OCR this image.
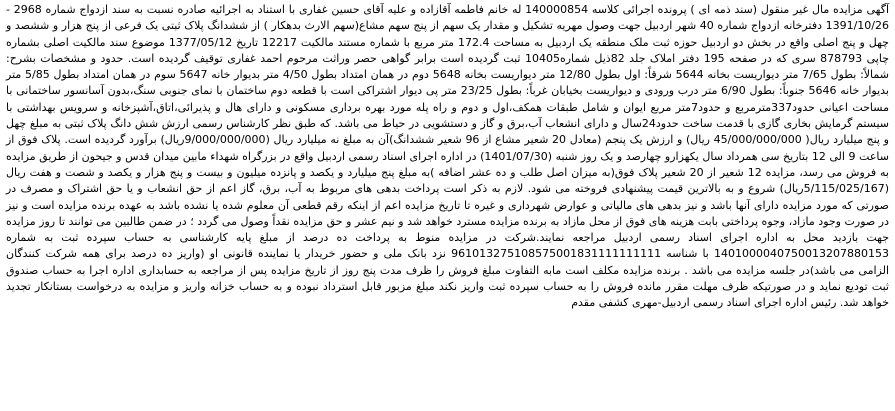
آگهی مزایده مال غیر منقول (سند ذمه ای ) پرونده اجرائی کلاسه 140000854 له خانم فاطمه آقازاده و علیه آقای حسین غفاری با استناد به اجرائیه صادره نسبت به سند ازدواج شماره 2968 - 1391/10/26 دفترخانه ازدواج شماره 40 شهر اردبیل جهت وصول مهریه تشکیل و مقدار یک سهم از پنج سهم مشاع(سهم الارث بدهکار ) از ششدانگ پلاک ثبتی یک فرعی از پنج هزار و ششصد و چهل و پنج اصلی واقع در بخش دو اردبیل حوزه ثبت ملک منطقه یک اردبیل به مساحت 172.4 متر مربع با شماره مستند مالکیت 12217 تاریخ 1377/05/12 موضوع سند مالکیت اصلی بشماره چاپی 878793 سری که در صفحه 195 دفتر املاک جلد 82ذیل شماره10405 ثبت گردیده است برابر گواهی حصر وراثت مرحوم احمد غفاری توقیف گردیده است. حدود و مشخصات بشرح: شمالاً: بطول 7/65 متر دیواریست بخانه 5644 شرقاً: اول بطول 12/80 متر دیواریست بخانه 5648 دوم در همان امتداد بطول 4/50 متر بدیوار خانه 5647 سوم در همان امتداد بطول 5/85 متر بدیوار خانه 5646 جنوباً: بطول 6/90 متر درب ورودی و دیواریست بخیابان غرباً: بطول 23/25 متر پی دیوار اشتراکی است با قطعه دوم ساختمان با نمای جنوبی سنگ،بدون آسانسور ساختمانی با مساحت اعیانی حدود337مترمربع و حدود7متر مربع ایوان و شامل طبقات همکف،اول و دوم و راه پله مورد بهره برداری مسکونی و دارای هال و پذیرائی،اتاق،آشپزخانه و سرویس بهداشتی با سیستم گرمایش بخاری گازی با قدمت ساخت حدود24سال و دارای انشعاب آب،برق و گاز و دستشویی در حیاط می باشد. که طبق نظر کارشناس رسمی ارزش شش دانگ پلاک ثبتی به مبلغ چهل و پنج میلیارد ریال( 45/000/000/000 ریال) و ارزش یک پنجم (معادل 20 شعیر مشاع از 96 شعیر ششدانگ)آن به مبلغ نه میلیارد ریال (9/000/000/000ریال) برآورد گردیده است. پلاک فوق از ساعت 9 الی 12 بتاریخ سی همرداد سال یکهزارو چهارصد و یک روز شنبه (1401/07/30) در اداره اجرای اسناد رسمی اردبیل واقع در بزرگراه شهداء مابین میدان قدس و جیحون از طریق مزایده به فروش می رسد، مزایده 12 شعیر از 20 شعیر پلاک فوق(به میزان اصل طلب و ده عشر اضافه )به مبلغ پنج میلیارد و یکصد و پانزده میلیون و بیست و پنج هزار و یکصد و شصت و هفت ریال (5/115/025/167ریال) شروع و به بالاترین قیمت پیشنهادی فروخته می شود. لازم به ذکر است پرداخت بدهی های مربوط به آب، برق، گاز اعم از حق انشعاب و یا حق اشتراک و مصرف در صورتی که مورد مزایده دارای آنها باشد و نیز بدهی های مالیاتی و عوارض شهرداری و غیره تا تاریخ مزایده اعم از اینکه رقم قطعی آن معلوم شده یا نشده باشد به عهده برنده مزایده است و نیز در صورت وجود مازاد، وجوه پرداختی بابت هزینه های فوق از محل مازاد به برنده مزایده مسترد خواهد شد و نیم عشر و حق مزایده نقداً وصول می گردد ؛ در ضمن طالبین می توانند تا روز مزایده جهت بازدید محل به اداره اجرای اسناد رسمی اردبیل مراجعه نمایند.شرکت در مزایده منوط به پرداخت ده درصد از مبلغ پایه کارشناسی به حساب سپرده ثبت به شماره 1401000040750013207880153 با شناسه 961013275108575001831111111111 نزد بانک ملی و حضور خریدار یا نماینده قانونی او (واریز ده درصد برای همه شرکت کنندگان الزامی می باشد)در جلسه مزایده می باشد . برنده مزایده مکلف است مابه التفاوت مبلغ فروش را ظرف مدت پنج روز از تاریخ مزایده پس از مراجعه به حسابداری اداره اجرا به حساب صندوق ثبت تودیع نماید و در صورتیکه ظرف مهلت مقرر مانده فروش را به حساب سپرده ثبت واریز نکند مبلغ مزبور قابل استرداد نبوده و به حساب خزانه واریز و مزایده به درخواست بستانکار تجدید خواهد شد. رئیس اداره اجرای اسناد رسمی اردبیل-مهری کشفی مقدم
